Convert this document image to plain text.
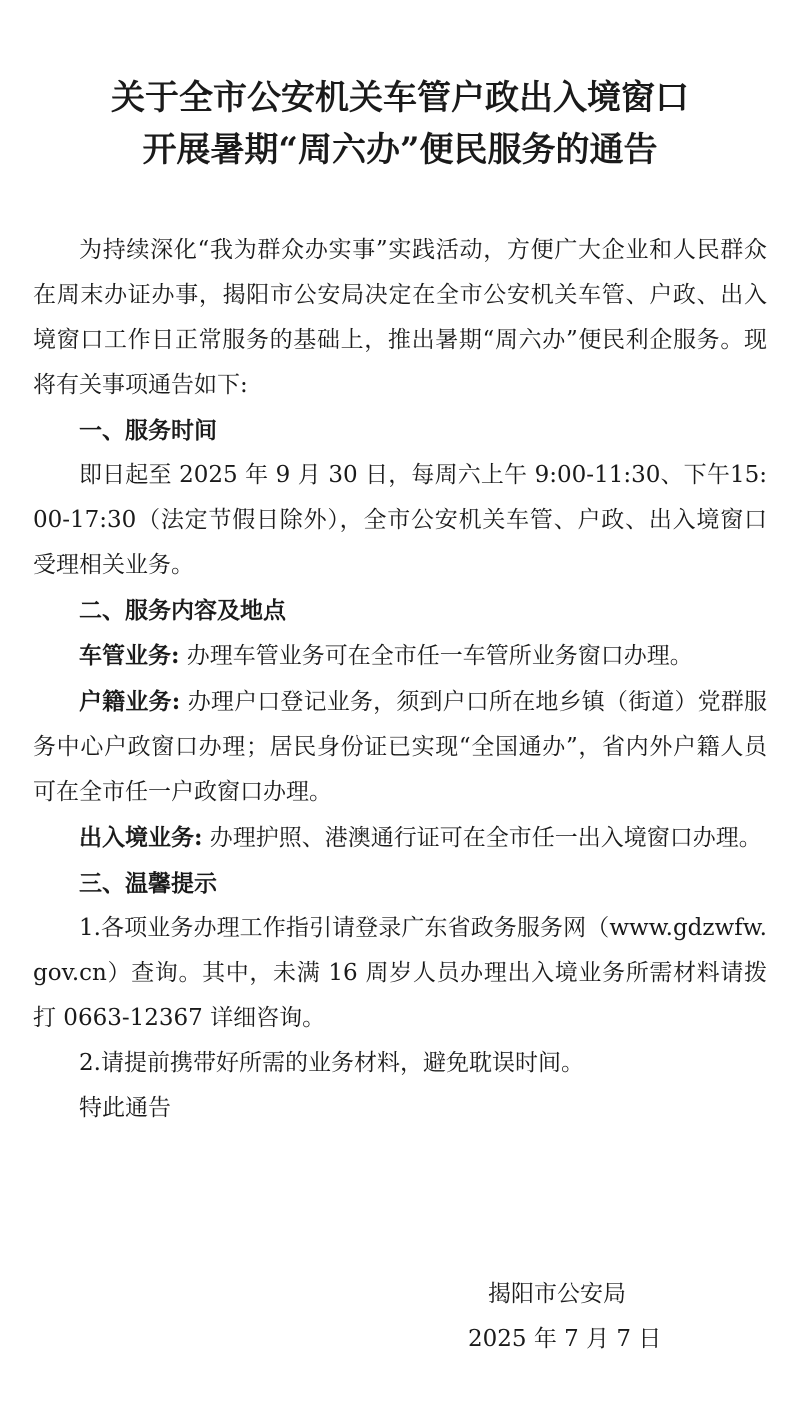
关于全市公安机关车管户政出入境窗口
开展暑期“周六办”便民服务的通告

为持续深化“我为群众办实事”实践活动，方便广大企业和人民群众在周末办证办事，揭阳市公安局决定在全市公安机关车管、户政、出入境窗口工作日正常服务的基础上，推出暑期“周六办”便民利企服务。现将有关事项通告如下:

一、服务时间

即日起至 2025 年 9 月 30 日，每周六上午 9:00-11:30、下午15:00-17:30（法定节假日除外），全市公安机关车管、户政、出入境窗口受理相关业务。

二、服务内容及地点

车管业务: 办理车管业务可在全市任一车管所业务窗口办理。

户籍业务: 办理户口登记业务，须到户口所在地乡镇（街道）党群服务中心户政窗口办理；居民身份证已实现“全国通办”，省内外户籍人员可在全市任一户政窗口办理。

出入境业务: 办理护照、港澳通行证可在全市任一出入境窗口办理。

三、温馨提示

1.各项业务办理工作指引请登录广东省政务服务网（www.gdzwfw.gov.cn）查询。其中，未满 16 周岁人员办理出入境业务所需材料请拨打 0663-12367 详细咨询。

2.请提前携带好所需的业务材料，避免耽误时间。

特此通告

揭阳市公安局
2025 年 7 月 7 日
